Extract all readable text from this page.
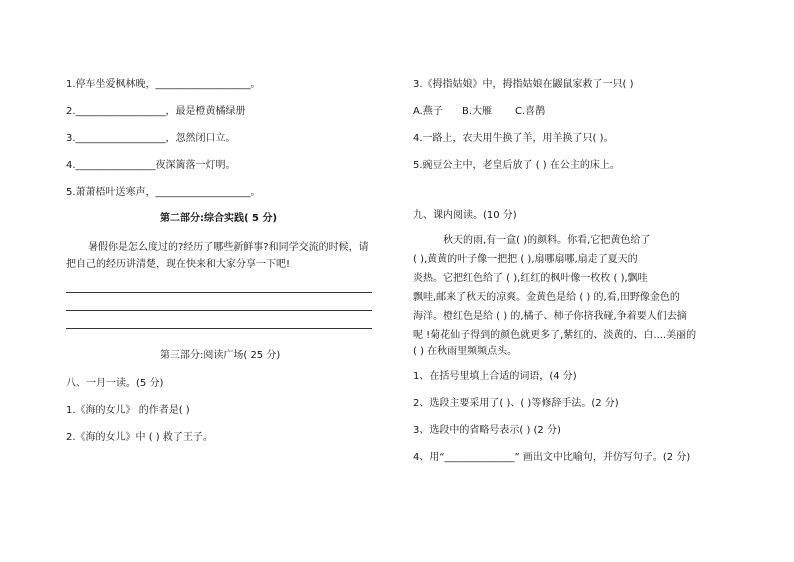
1.停车坐爱枫林晚，___________________。
2.__________________，最是橙黄橘绿册
3.__________________，忽然闭口立。
4.________________夜深篱落一灯明。
5.萧萧梧叶送寒声，___________________。
第二部分:综合实践( 5 分)
暑假你是怎么度过的?经历了哪些新鲜事?和同学交流的时候，请
把自己的经历讲清楚，现在快来和大家分享一下吧!
第三部分:阅读广场( 25 分)
八、一月一读。(5 分)
1.《海的女儿》 的作者是( )
2.《海的女儿》中 ( ) 救了王子。
3.《拇指姑娘》中，拇指姑娘在鼹鼠家救了一只( )
A.燕子 B.大雁 C.喜鹊
4.一路上，农夫用牛换了羊，用羊换了只( )。
5.豌豆公主中，老皇后放了 ( ) 在公主的床上。
九、课内阅读。(10 分)
秋天的雨,有一盒( )的颜料。你看,它把黄色给了
( ),黄黄的叶子像一把把 ( ),扇哪扇哪,扇走了夏天的
炎热。它把红色给了 ( ),红红的枫叶像一枚枚 ( ),飘哇
飘哇,邮来了秋天的凉爽。金黄色是给 ( ) 的,看,田野像金色的
海洋。橙红色是给 ( ) 的,橘子、柿子你挤我碰,争着要人们去摘
呢 !菊花仙子得到的颜色就更多了,紫红的、淡黄的、白....美丽的
( ) 在秋雨里频频点头。
1、在括号里填上合适的词语，(4 分)
2、选段主要采用了( )、( )等修辞手法。(2 分)
3、选段中的省略号表示( ) (2 分)
4、用“______________” 画出文中比喻句，并仿写句子。(2 分)
